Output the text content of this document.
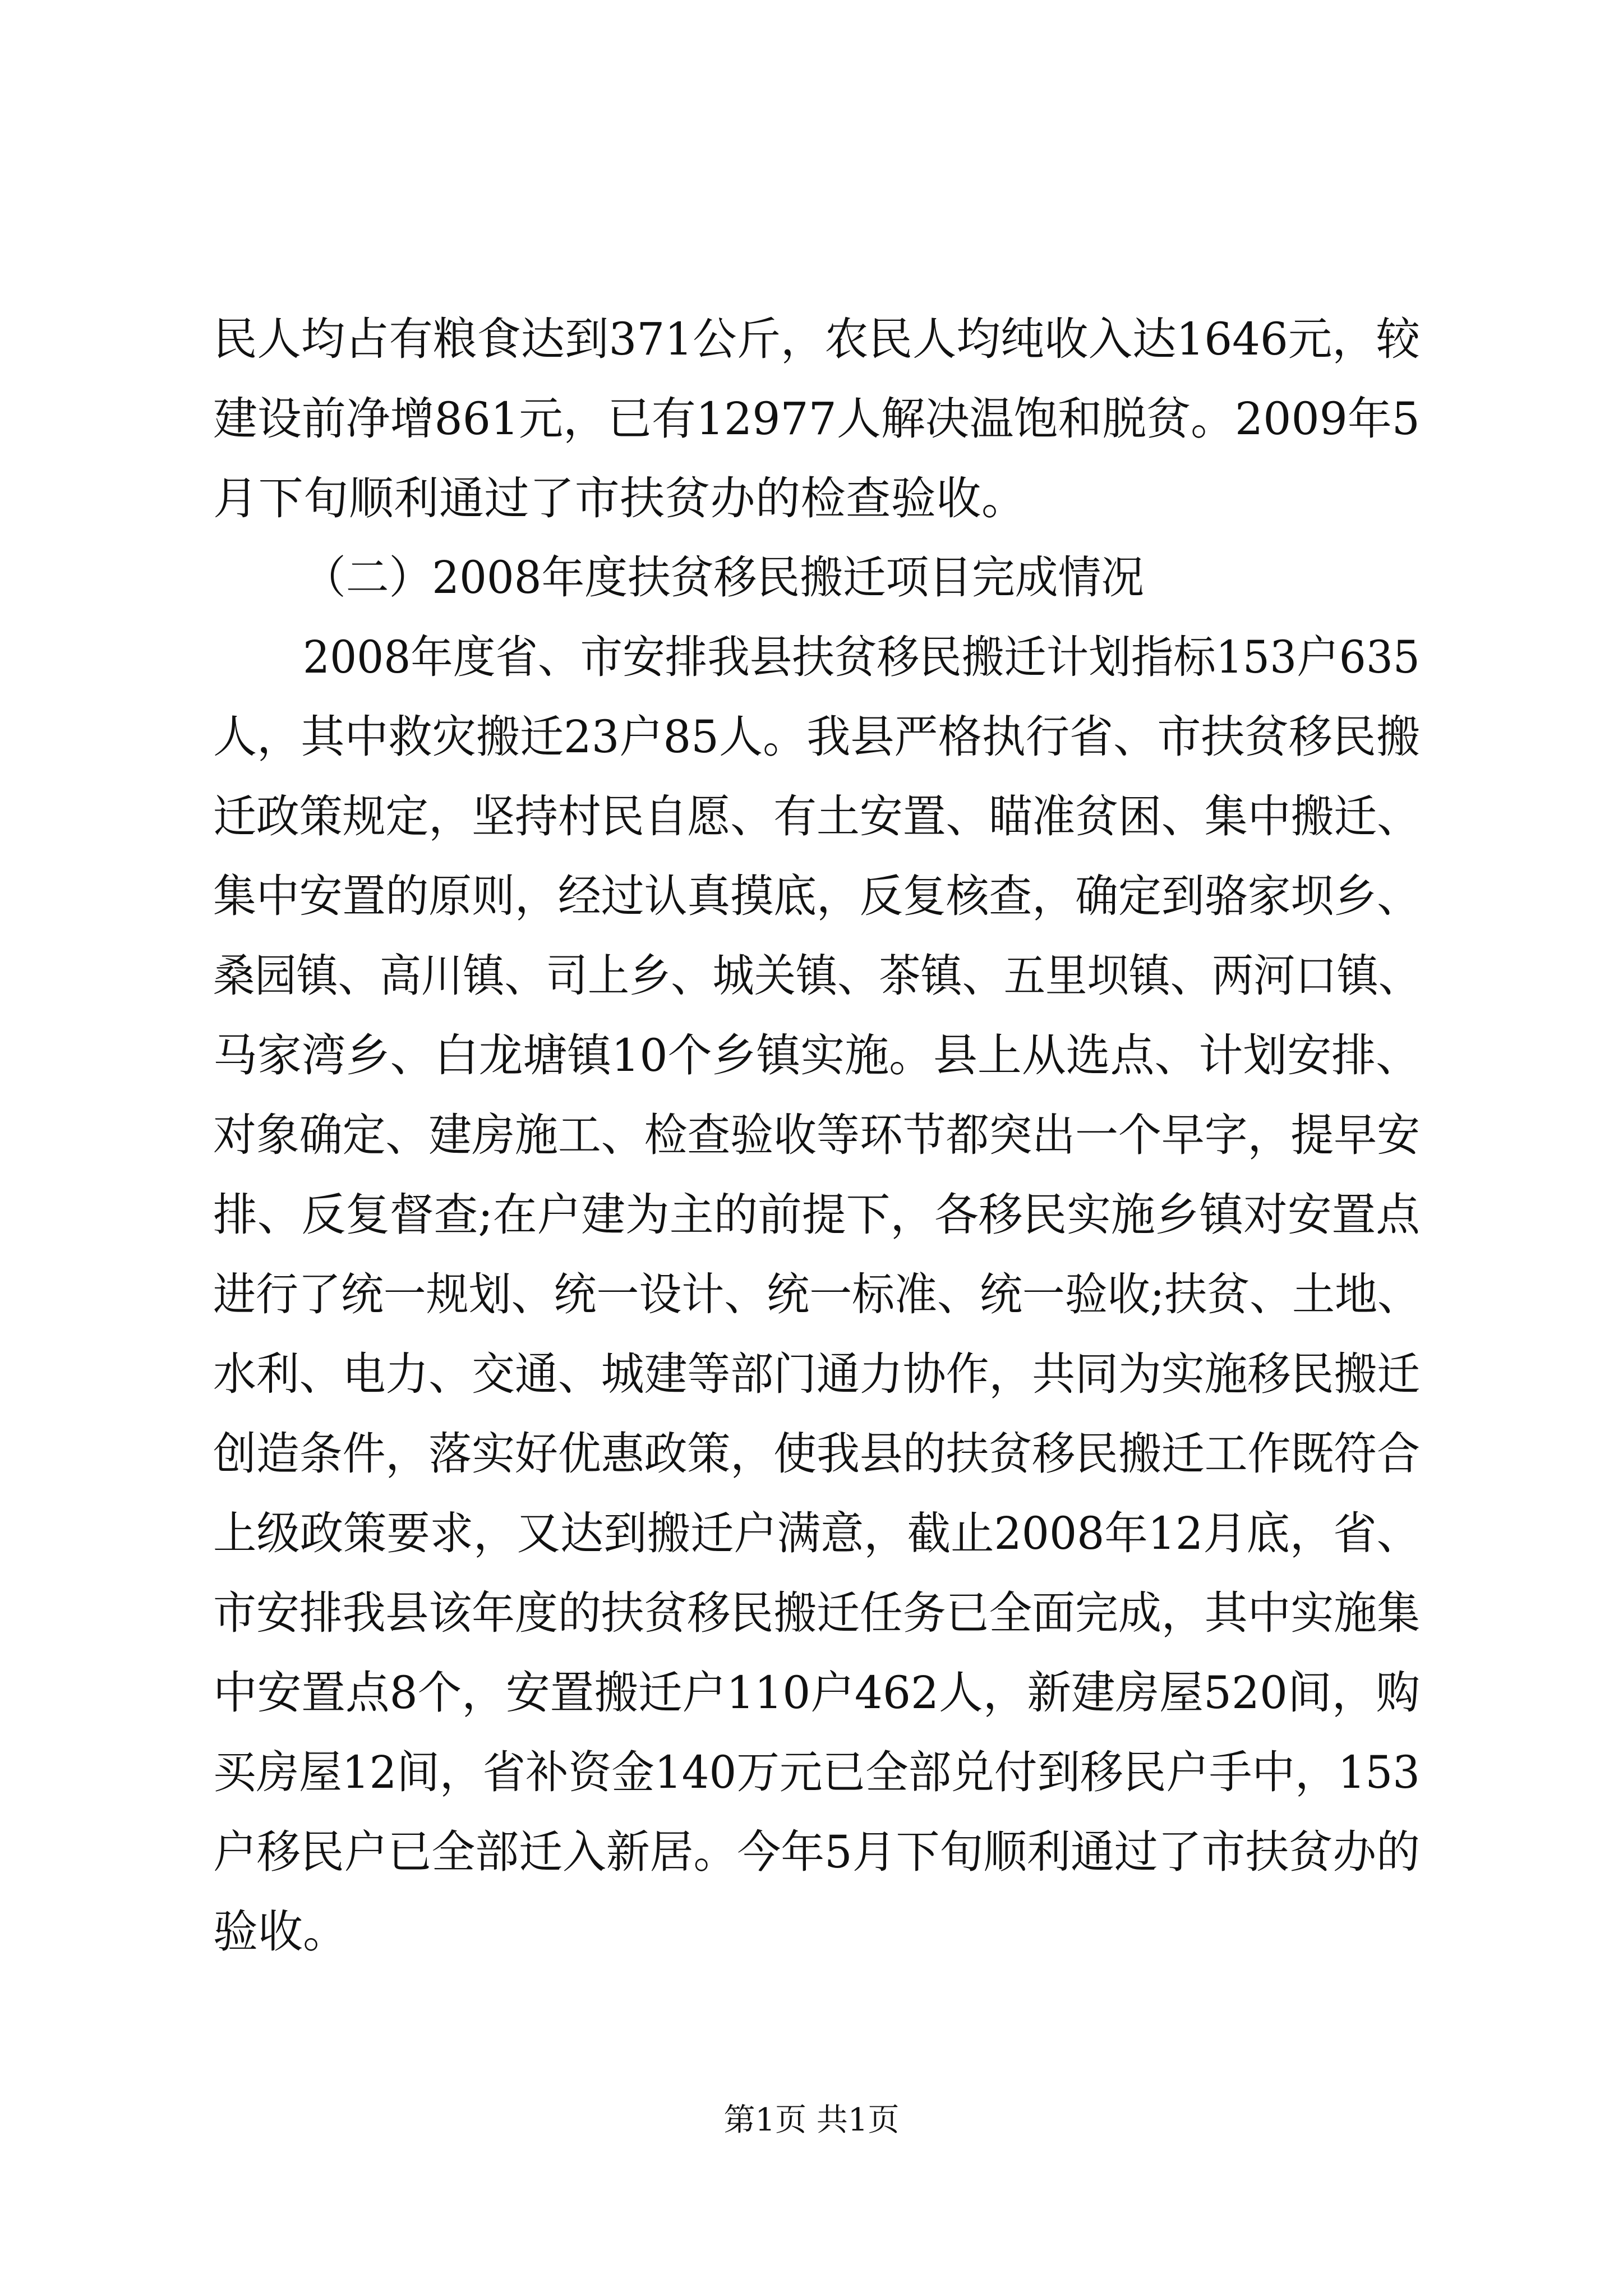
民人均占有粮食达到371公斤，农民人均纯收入达1646元，较
建设前净增861元，已有12977人解决温饱和脱贫。2009年5
月下旬顺利通过了市扶贫办的检查验收。
（二）2008年度扶贫移民搬迁项目完成情况
2008年度省、市安排我县扶贫移民搬迁计划指标153户635
人，其中救灾搬迁23户85人。我县严格执行省、市扶贫移民搬
迁政策规定，坚持村民自愿、有土安置、瞄准贫困、集中搬迁、
集中安置的原则，经过认真摸底，反复核查，确定到骆家坝乡、
桑园镇、高川镇、司上乡、城关镇、茶镇、五里坝镇、两河口镇、
马家湾乡、白龙塘镇10个乡镇实施。县上从选点、计划安排、
对象确定、建房施工、检查验收等环节都突出一个早字，提早安
排、反复督查;在户建为主的前提下，各移民实施乡镇对安置点
进行了统一规划、统一设计、统一标准、统一验收;扶贫、土地、
水利、电力、交通、城建等部门通力协作，共同为实施移民搬迁
创造条件，落实好优惠政策，使我县的扶贫移民搬迁工作既符合
上级政策要求，又达到搬迁户满意，截止2008年12月底，省、
市安排我县该年度的扶贫移民搬迁任务已全面完成，其中实施集
中安置点8个，安置搬迁户110户462人，新建房屋520间，购
买房屋12间，省补资金140万元已全部兑付到移民户手中，153
户移民户已全部迁入新居。今年5月下旬顺利通过了市扶贫办的
验收。
第1页 共1页
